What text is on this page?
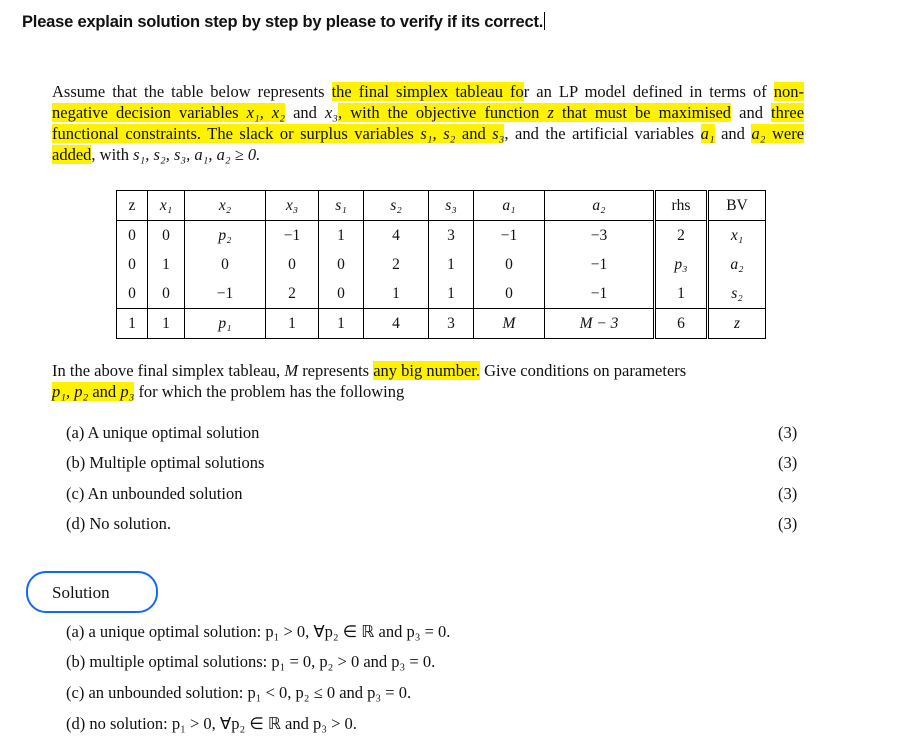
Please explain solution step by step by please to verify if its correct.
Assume that the table below represents the final simplex tableau for an LP model defined in terms of non-negative decision variables x₁, x₂ and x₃, with the objective function z that must be maximised and three functional constraints. The slack or surplus variables s₁, s₂ and s₃, and the artificial variables a₁ and a₂ were added, with s₁, s₂, s₃, a₁, a₂ ≥ 0.
z	x₁	x₂	x₃	s₁	s₂	s₃	a₁	a₂	rhs	BV
0	0	p₂	−1	1	4	3	−1	−3	2	x₁
0	1	0	0	0	2	1	0	−1	p₃	a₂
0	0	−1	2	0	1	1	0	−1	1	s₂
1	1	p₁	1	1	4	3	M	M − 3	6	z
In the above final simplex tableau, M represents any big number. Give conditions on parameters
p₁, p₂ and p₃ for which the problem has the following
(a) A unique optimal solution	(3)
(b) Multiple optimal solutions	(3)
(c) An unbounded solution	(3)
(d) No solution.	(3)
Solution
(a) a unique optimal solution: p₁ > 0, ∀p₂ ∈ ℝ and p₃ = 0.
(b) multiple optimal solutions: p₁ = 0, p₂ > 0 and p₃ = 0.
(c) an unbounded solution: p₁ < 0, p₂ ≤ 0 and p₃ = 0.
(d) no solution: p₁ > 0, ∀p₂ ∈ ℝ and p₃ > 0.
